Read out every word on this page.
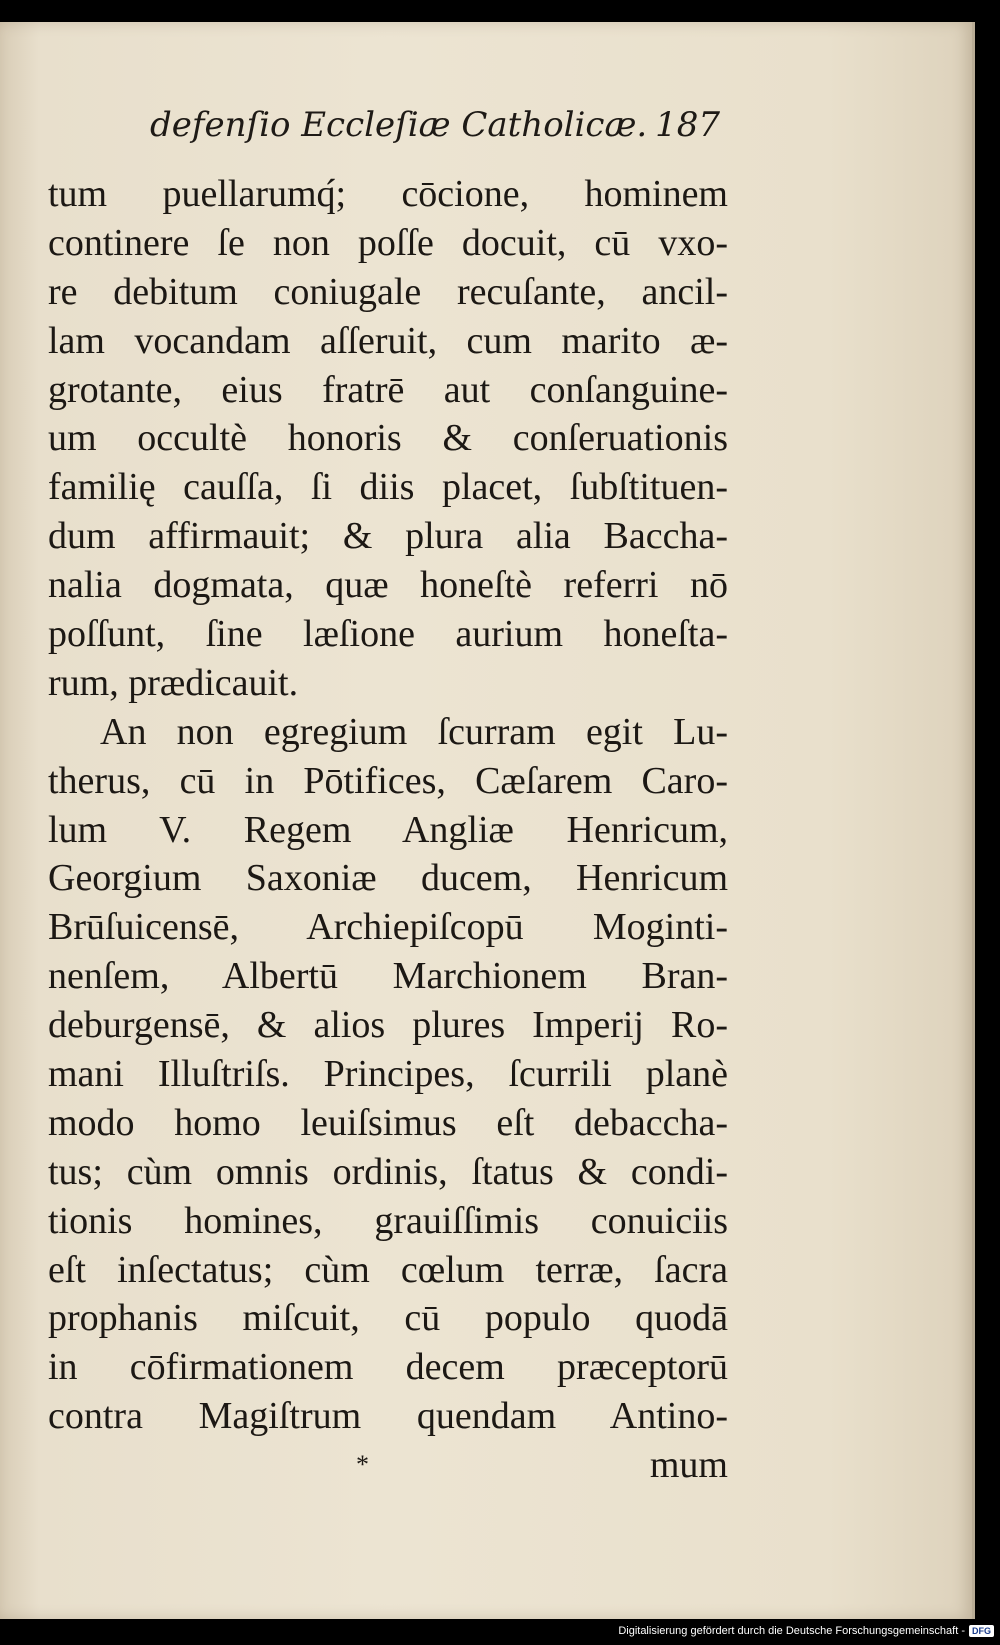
defenſio Eccleſiæ Catholicæ. 187
tum puellarumq́; cōcione, hominem
continere ſe non poſſe docuit, cū vxo-
re debitum coniugale recuſante, ancil-
lam vocandam aſſeruit, cum marito æ-
grotante, eius fratrē aut conſanguine-
um occultè honoris & conſeruationis
familię cauſſa, ſi diis placet, ſubſtituen-
dum affirmauit; & plura alia Baccha-
nalia dogmata, quæ honeſtè referri nō
poſſunt, ſine læſione aurium honeſta-
rum, prædicauit.
An non egregium ſcurram egit Lu-
therus, cū in Pōtifices, Cæſarem Caro-
lum V. Regem Angliæ Henricum,
Georgium Saxoniæ ducem, Henricum
Brūſuicensē, Archiepiſcopū Moginti-
nenſem, Albertū Marchionem Bran-
deburgensē, & alios plures Imperij Ro-
mani Illuſtriſs. Principes, ſcurrili planè
modo homo leuiſsimus eſt debaccha-
tus; cùm omnis ordinis, ſtatus & condi-
tionis homines, grauiſſimis conuiciis
eſt inſectatus; cùm cœlum terræ, ſacra
prophanis miſcuit, cū populo quodā
in cōfirmationem decem præceptorū
contra Magiſtrum quendam Antino-
*	mum
Digitalisierung gefördert durch die Deutsche Forschungsgemeinschaft - DFG
